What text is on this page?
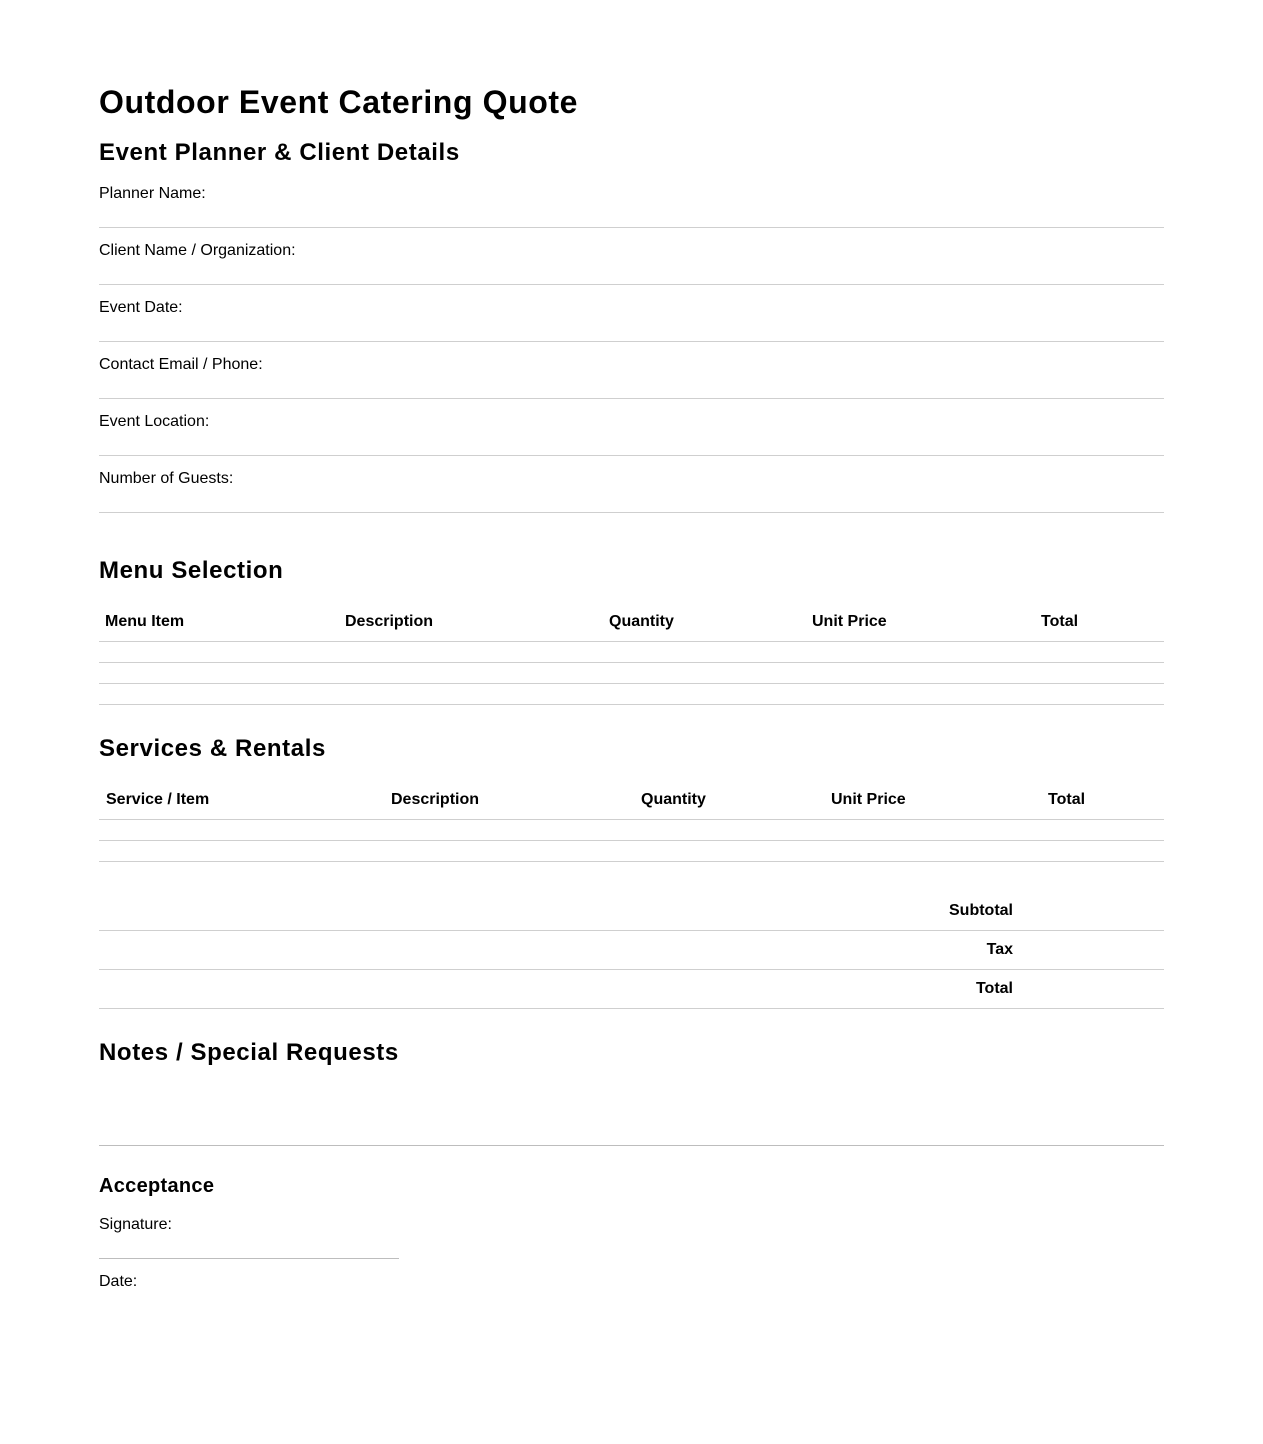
Outdoor Event Catering Quote
Event Planner & Client Details
Planner Name:
Client Name / Organization:
Event Date:
Contact Email / Phone:
Event Location:
Number of Guests:
Menu Selection
Menu Item	Description	Quantity	Unit Price	Total
Services & Rentals
Service / Item	Description	Quantity	Unit Price	Total
Subtotal
Tax
Total
Notes / Special Requests
Acceptance
Signature:
Date:
